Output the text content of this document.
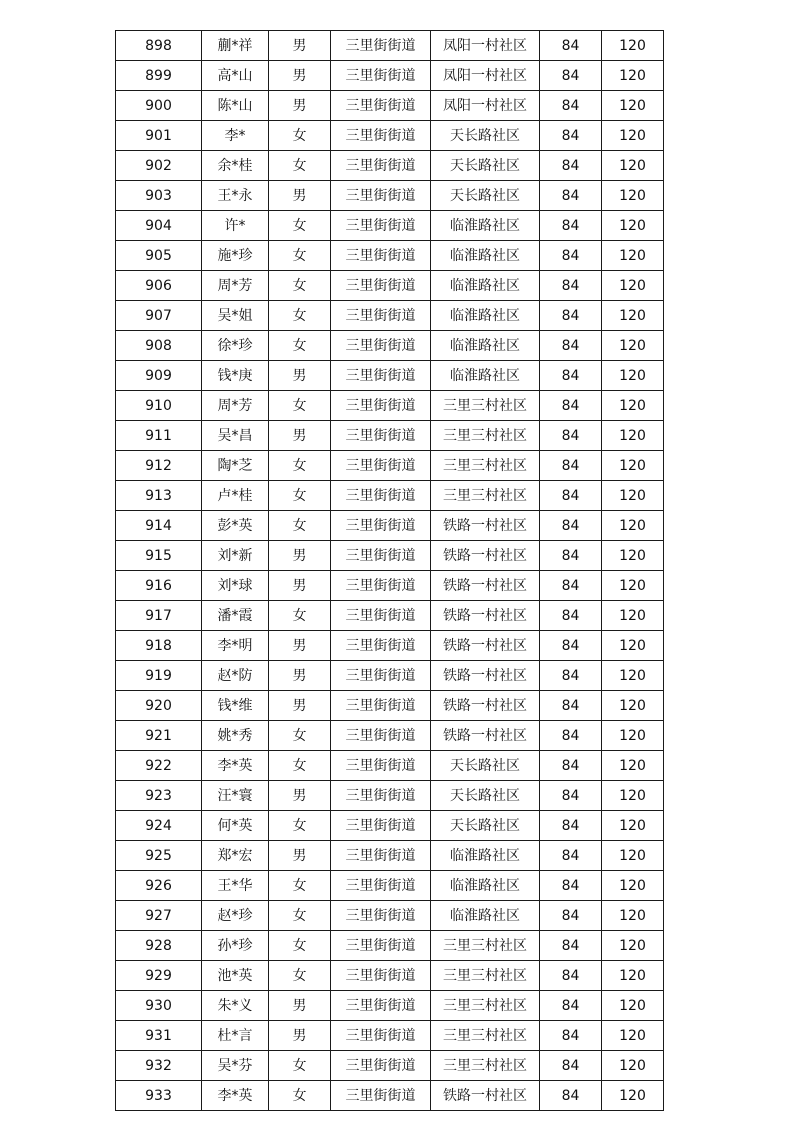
898	蒯*祥	男	三里街街道	凤阳一村社区	84	120
899	高*山	男	三里街街道	凤阳一村社区	84	120
900	陈*山	男	三里街街道	凤阳一村社区	84	120
901	李*	女	三里街街道	天长路社区	84	120
902	余*桂	女	三里街街道	天长路社区	84	120
903	王*永	男	三里街街道	天长路社区	84	120
904	许*	女	三里街街道	临淮路社区	84	120
905	施*珍	女	三里街街道	临淮路社区	84	120
906	周*芳	女	三里街街道	临淮路社区	84	120
907	吴*姐	女	三里街街道	临淮路社区	84	120
908	徐*珍	女	三里街街道	临淮路社区	84	120
909	钱*庚	男	三里街街道	临淮路社区	84	120
910	周*芳	女	三里街街道	三里三村社区	84	120
911	吴*昌	男	三里街街道	三里三村社区	84	120
912	陶*芝	女	三里街街道	三里三村社区	84	120
913	卢*桂	女	三里街街道	三里三村社区	84	120
914	彭*英	女	三里街街道	铁路一村社区	84	120
915	刘*新	男	三里街街道	铁路一村社区	84	120
916	刘*球	男	三里街街道	铁路一村社区	84	120
917	潘*霞	女	三里街街道	铁路一村社区	84	120
918	李*明	男	三里街街道	铁路一村社区	84	120
919	赵*防	男	三里街街道	铁路一村社区	84	120
920	钱*维	男	三里街街道	铁路一村社区	84	120
921	姚*秀	女	三里街街道	铁路一村社区	84	120
922	李*英	女	三里街街道	天长路社区	84	120
923	汪*寰	男	三里街街道	天长路社区	84	120
924	何*英	女	三里街街道	天长路社区	84	120
925	郑*宏	男	三里街街道	临淮路社区	84	120
926	王*华	女	三里街街道	临淮路社区	84	120
927	赵*珍	女	三里街街道	临淮路社区	84	120
928	孙*珍	女	三里街街道	三里三村社区	84	120
929	池*英	女	三里街街道	三里三村社区	84	120
930	朱*义	男	三里街街道	三里三村社区	84	120
931	杜*言	男	三里街街道	三里三村社区	84	120
932	吴*芬	女	三里街街道	三里三村社区	84	120
933	李*英	女	三里街街道	铁路一村社区	84	120
